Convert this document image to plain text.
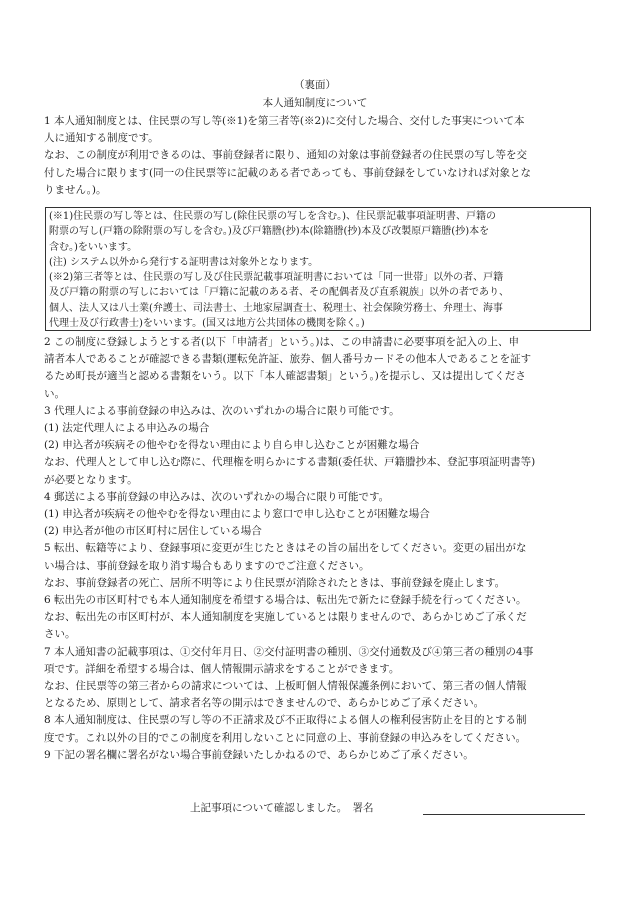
（裏面）
本人通知制度について
1 本人通知制度とは、住民票の写し等(※1)を第三者等(※2)に交付した場合、交付した事実について本
人に通知する制度です。
なお、この制度が利用できるのは、事前登録者に限り、通知の対象は事前登録者の住民票の写し等を交
付した場合に限ります(同一の住民票等に記載のある者であっても、事前登録をしていなければ対象とな
りません。)。
(※1)住民票の写し等とは、住民票の写し(除住民票の写しを含む。)、住民票記載事項証明書、戸籍の
附票の写し(戸籍の除附票の写しを含む。)及び戸籍謄(抄)本(除籍謄(抄)本及び改製原戸籍謄(抄)本を
含む。)をいいます。
(注) システム以外から発行する証明書は対象外となります。
(※2)第三者等とは、住民票の写し及び住民票記載事項証明書においては「同一世帯」以外の者、戸籍
及び戸籍の附票の写しにおいては「戸籍に記載のある者、その配偶者及び直系親族」以外の者であり、
個人、法人又は八士業(弁護士、司法書士、土地家屋調査士、税理士、社会保険労務士、弁理士、海事
代理士及び行政書士)をいいます。(国又は地方公共団体の機関を除く。)
2 この制度に登録しようとする者(以下「申請者」という。)は、この申請書に必要事項を記入の上、申
請者本人であることが確認できる書類(運転免許証、旅券、個人番号カードその他本人であることを証す
るため町長が適当と認める書類をいう。以下「本人確認書類」という。)を提示し、又は提出してくださ
い。
3 代理人による事前登録の申込みは、次のいずれかの場合に限り可能です。
(1) 法定代理人による申込みの場合
(2) 申込者が疾病その他やむを得ない理由により自ら申し込むことが困難な場合
なお、代理人として申し込む際に、代理権を明らかにする書類(委任状、戸籍謄抄本、登記事項証明書等)
が必要となります。
4 郵送による事前登録の申込みは、次のいずれかの場合に限り可能です。
(1) 申込者が疾病その他やむを得ない理由により窓口で申し込むことが困難な場合
(2) 申込者が他の市区町村に居住している場合
5 転出、転籍等により、登録事項に変更が生じたときはその旨の届出をしてください。変更の届出がな
い場合は、事前登録を取り消す場合もありますのでご注意ください。
なお、事前登録者の死亡、居所不明等により住民票が消除されたときは、事前登録を廃止します。
6 転出先の市区町村でも本人通知制度を希望する場合は、転出先で新たに登録手続を行ってください。
なお、転出先の市区町村が、本人通知制度を実施しているとは限りませんので、あらかじめご了承くだ
さい。
7 本人通知書の記載事項は、①交付年月日、②交付証明書の種別、③交付通数及び④第三者の種別の4事
項です。詳細を希望する場合は、個人情報開示請求をすることができます。
なお、住民票等の第三者からの請求については、上板町個人情報保護条例において、第三者の個人情報
となるため、原則として、請求者名等の開示はできませんので、あらかじめご了承ください。
8 本人通知制度は、住民票の写し等の不正請求及び不正取得による個人の権利侵害防止を目的とする制
度です。これ以外の目的でこの制度を利用しないことに同意の上、事前登録の申込みをしてください。
9 下記の署名欄に署名がない場合事前登録いたしかねるので、あらかじめご了承ください。
上記事項について確認しました。　署名
